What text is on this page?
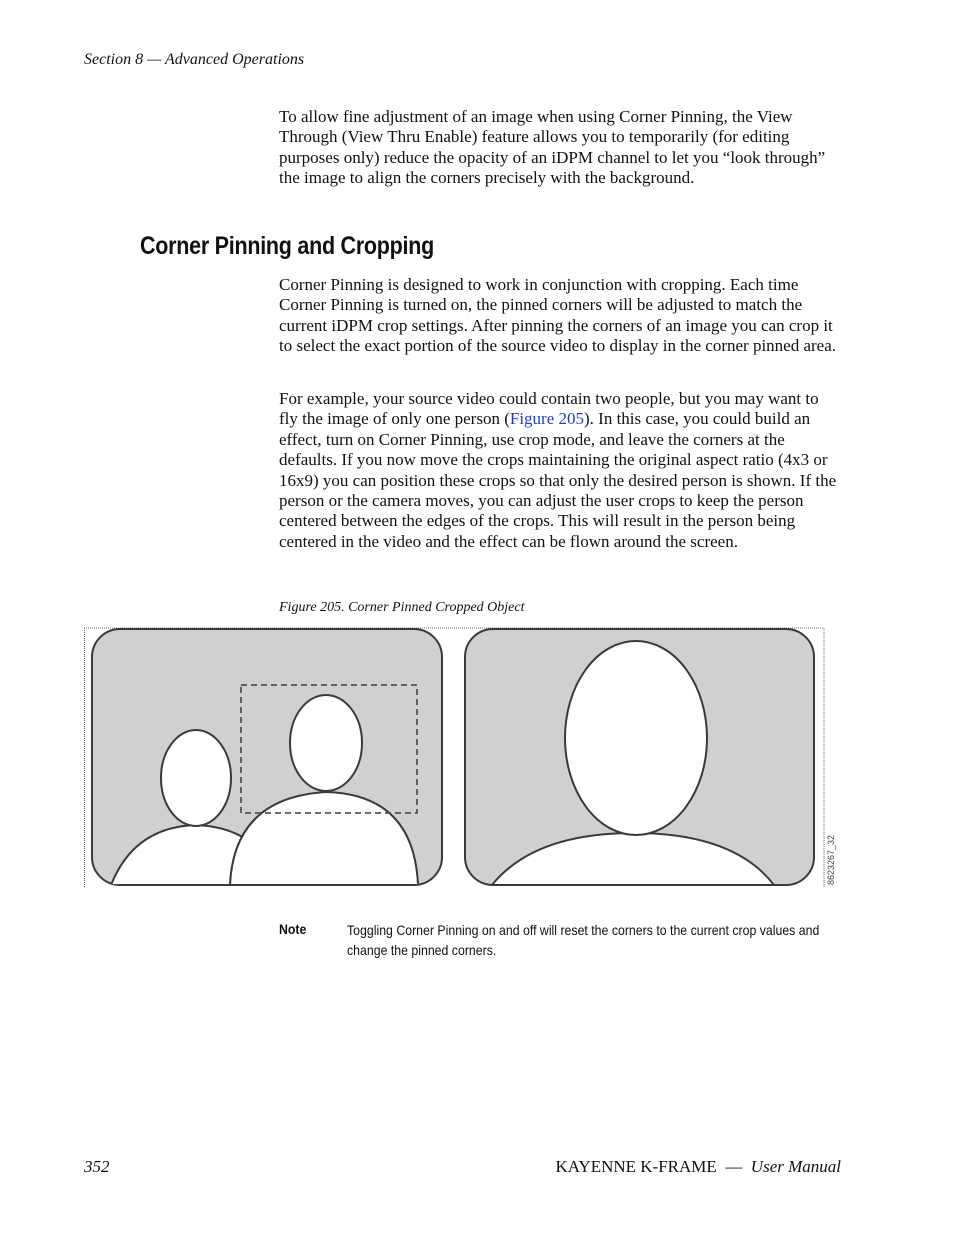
Section 8 — Advanced Operations

To allow fine adjustment of an image when using Corner Pinning, the View Through (View Thru Enable) feature allows you to temporarily (for editing purposes only) reduce the opacity of an iDPM channel to let you “look through” the image to align the corners precisely with the background.

Corner Pinning and Cropping

Corner Pinning is designed to work in conjunction with cropping. Each time Corner Pinning is turned on, the pinned corners will be adjusted to match the current iDPM crop settings. After pinning the corners of an image you can crop it to select the exact portion of the source video to display in the corner pinned area.

For example, your source video could contain two people, but you may want to fly the image of only one person (Figure 205). In this case, you could build an effect, turn on Corner Pinning, use crop mode, and leave the corners at the defaults. If you now move the crops maintaining the original aspect ratio (4x3 or 16x9) you can position these crops so that only the desired person is shown. If the person or the camera moves, you can adjust the user crops to keep the person centered between the edges of the crops. This will result in the person being centered in the video and the effect can be flown around the screen.

Figure 205. Corner Pinned Cropped Object
8623267_32
Note	Toggling Corner Pinning on and off will reset the corners to the current crop values and change the pinned corners.
352	KAYENNE K-FRAME — User Manual
